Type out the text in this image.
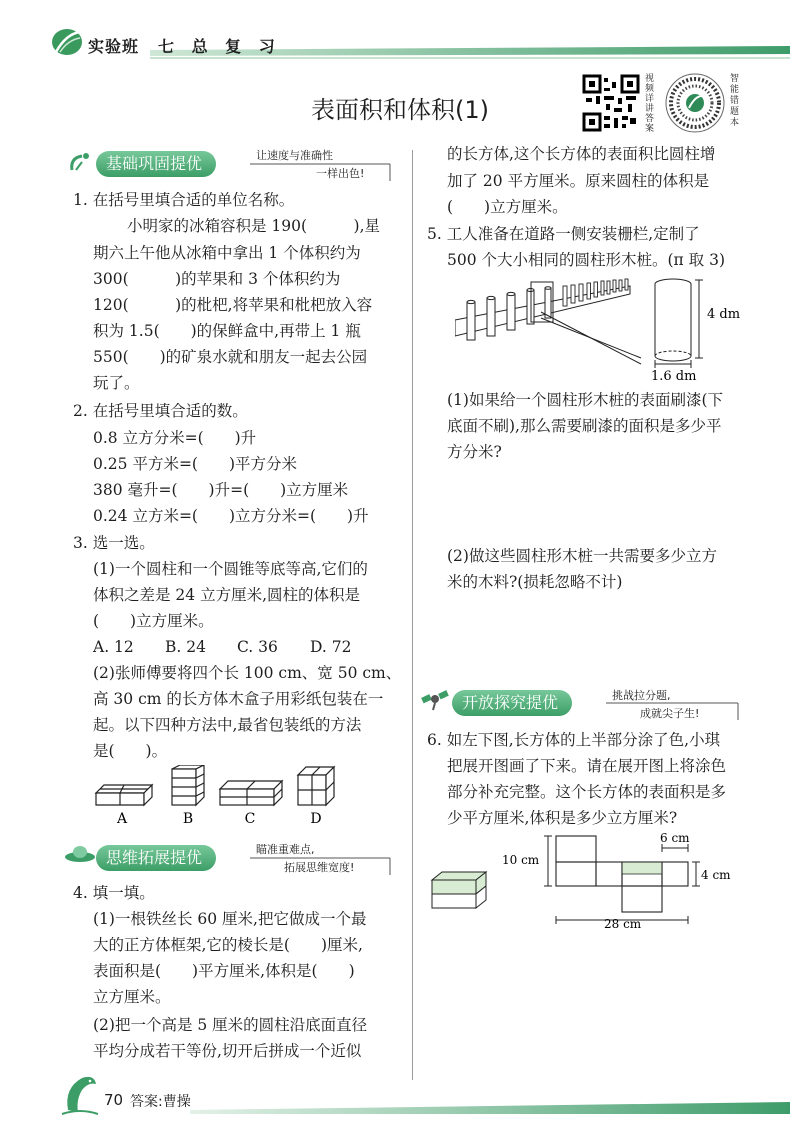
实验班 七 总 复 习
表面积和体积(1)
视频详讲答案
智能错题本
基础巩固提优	让速度与准确性
一样出色!
1. 在括号里填合适的单位名称。
小明家的冰箱容积是 190(　　　),星
期六上午他从冰箱中拿出 1 个体积约为
300(　　　)的苹果和 3 个体积约为
120(　　　)的枇杷,将苹果和枇杷放入容
积为 1.5(　　)的保鲜盒中,再带上 1 瓶
550(　　)的矿泉水就和朋友一起去公园
玩了。
2. 在括号里填合适的数。
0.8 立方分米=(　　)升
0.25 平方米=(　　)平方分米
380 毫升=(　　)升=(　　)立方厘米
0.24 立方米=(　　)立方分米=(　　)升
3. 选一选。
(1)一个圆柱和一个圆锥等底等高,它们的
体积之差是 24 立方厘米,圆柱的体积是
(　　)立方厘米。
A. 12 B. 24 C. 36 D. 72
(2)张师傅要将四个长 100 cm、宽 50 cm、
高 30 cm 的长方体木盒子用彩纸包装在一
起。以下四种方法中,最省包装纸的方法
是(　　)。
A	B	C	D
思维拓展提优	瞄准重难点,
拓展思维宽度!
4. 填一填。
(1)一根铁丝长 60 厘米,把它做成一个最
大的正方体框架,它的棱长是(　　)厘米,
表面积是(　　)平方厘米,体积是(　　)
立方厘米。
(2)把一个高是 5 厘米的圆柱沿底面直径
平均分成若干等份,切开后拼成一个近似
的长方体,这个长方体的表面积比圆柱增
加了 20 平方厘米。原来圆柱的体积是
(　　)立方厘米。
5. 工人准备在道路一侧安装栅栏,定制了
500 个大小相同的圆柱形木桩。(π 取 3)
4 dm
1.6 dm
(1)如果给一个圆柱形木桩的表面刷漆(下
底面不刷),那么需要刷漆的面积是多少平
方分米?
(2)做这些圆柱形木桩一共需要多少立方
米的木料?(损耗忽略不计)
开放探究提优	挑战拉分题,
成就尖子生!
6. 如左下图,长方体的上半部分涂了色,小琪
把展开图画了下来。请在展开图上将涂色
部分补充完整。这个长方体的表面积是多
少平方厘米,体积是多少立方厘米?
10 cm
6 cm
4 cm
28 cm
70 答案:曹操
